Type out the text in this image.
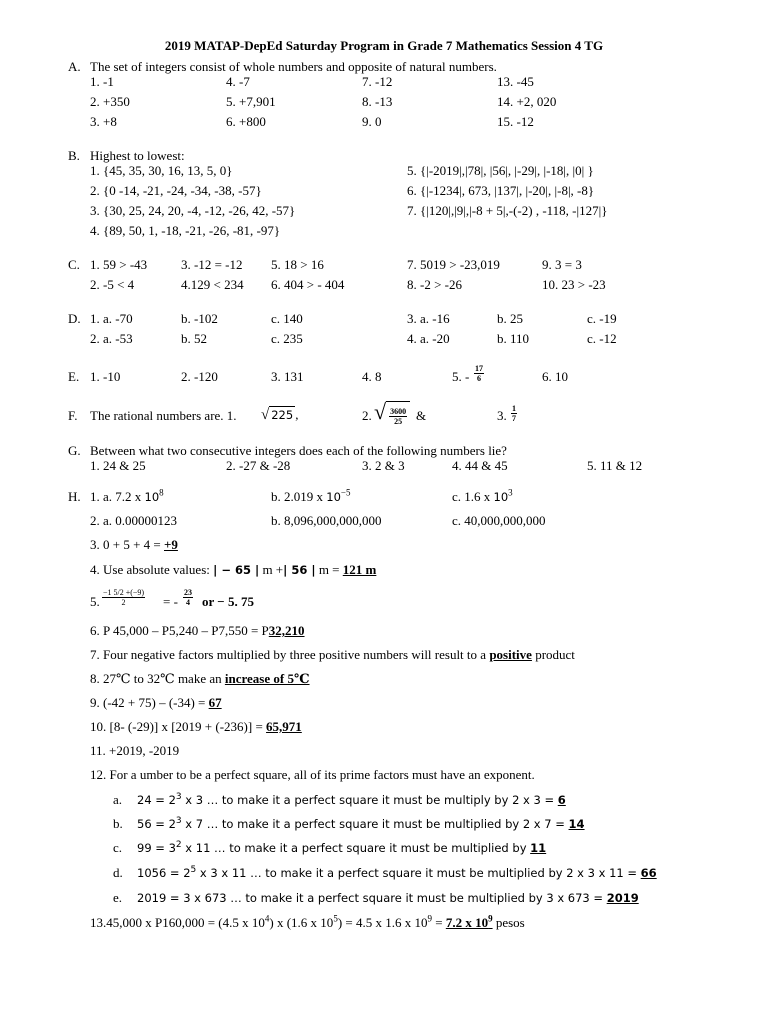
2019 MATAP-DepEd Saturday Program in Grade 7 Mathematics Session 4 TG
A. The set of integers consist of whole numbers and opposite of natural numbers.
1. -1	4. -7	7. -12	13. -45
2. +350	5. +7,901	8. -13	14. +2, 020
3. +8	6. +800	9. 0	15. -12
B. Highest to lowest:
1. {45, 35, 30, 16, 13, 5, 0}	5. {|-2019|,|78|, |56|, |-29|, |-18|, |0| }
2. {0 -14, -21, -24, -34, -38, -57}	6. {|-1234|, 673, |137|, |-20|, |-8|, -8}
3. {30, 25, 24, 20, -4, -12, -26, 42, -57}	7. {|120|,|9|,|-8 + 5|,-(-2) , -118, -|127|}
4. {89, 50, 1, -18, -21, -26, -81, -97}
C. 1. 59 > -43	3. -12 = -12 5. 18 > 16	7. 5019 > -23,019	9. 3 = 3
2. -5 < 4	4.129 < 234 6. 404 > - 404	8. -2 > -26	10. 23 > -23
D. 1. a. -70	b. -102	c. 140	3. a. -16	b. 25	c. -19
2. a. -53	b. 52	c. 235	4. a. -20	b. 110	c. -12
E. 1. -10	2. -120	3. 131	4. 8	5. - $\frac{17}{6}$	6. 10
F. The rational numbers are. 1. √ 225 ,	2. √ $\frac{3600}{25}$ &	3. $\frac{1}{7}$
G. Between what two consecutive integers does each of the following numbers lie?
1. 24 & 25	2. -27 & -28	3. 2 & 3	4. 44 & 45	5. 11 & 12
H. 1. a. 7.2 x $10^8$	b. 2.019 x $10^{-5}$	c. 1.6 x $10^3$
2. a. 0.00000123	b. 8,096,000,000,000	c. 40,000,000,000
3. 0 + 5 + 4 = +9
4. Use absolute values: | − 65 | m +| 56 | m = 121 m
5. $\frac{-1 5/2 +(-9)}{2}$ = - $\frac{23}{4}$ or − 5. 75
6. P 45,000 – P5,240 – P7,550 = P32,210
7. Four negative factors multiplied by three positive numbers will result to a positive product
8. 27℃ to 32℃ make an increase of 5℃
9. (-42 + 75) – (-34) = 67
10. [8- (-29)] x [2019 + (-236)] = 65,971
11. +2019, -2019
12. For a umber to be a perfect square, all of its prime factors must have an exponent.
a. $24 = 2^3$ x 3 … to make it a perfect square it must be multiply by 2 x 3 = 6
b. $56 = 2^3$ x 7 … to make it a perfect square it must be multiplied by 2 x 7 = 14
c. $99 = 3^2$ x 11 … to make it a perfect square it must be multiplied by 11
d. $1056 = 2^5$ x 3 x 11 … to make it a perfect square it must be multiplied by 2 x 3 x 11 = 66
e. 2019 = 3 x 673 … to make it a perfect square it must be multiplied by 3 x 673 = 2019
13.45,000 x P160,000 = (4.5 x $10^4$) x (1.6 x $10^5) = 4.5$ x 1.6 x $10^9 = 7.2$ x $10^9$ pesos
